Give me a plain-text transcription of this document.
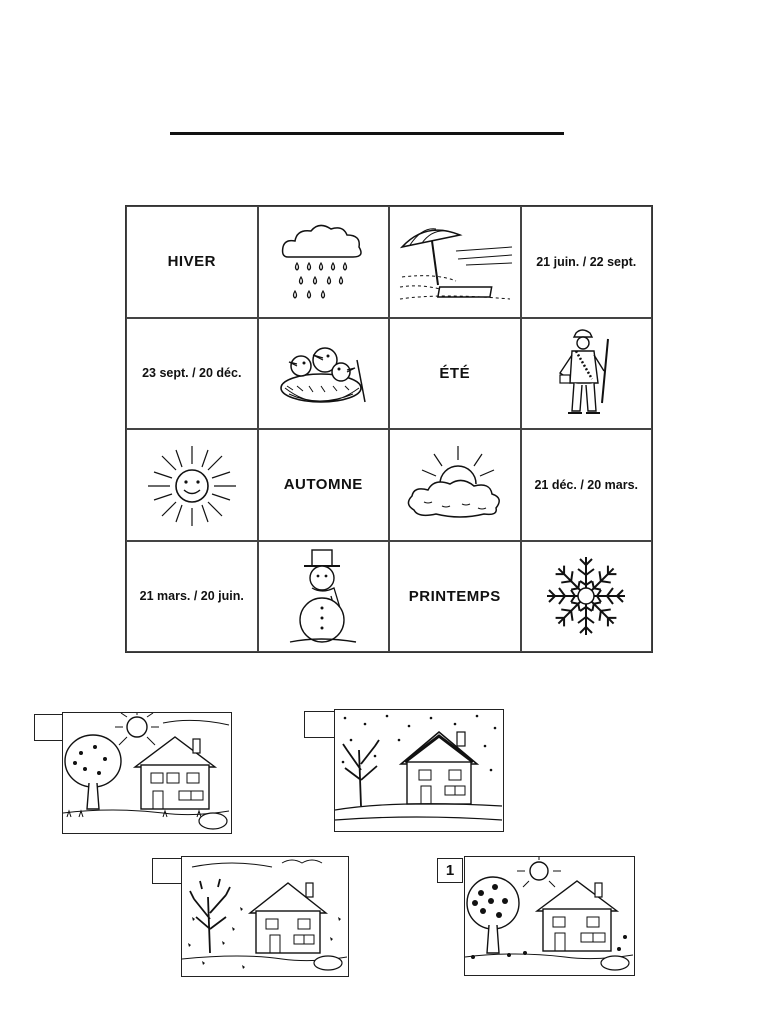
HIVER	21 juin. / 22 sept.
23 sept. / 20 déc.	ÉTÉ
AUTOMNE	21 déc. / 20 mars.
21 mars. / 20 juin.	PRINTEMPS
1
